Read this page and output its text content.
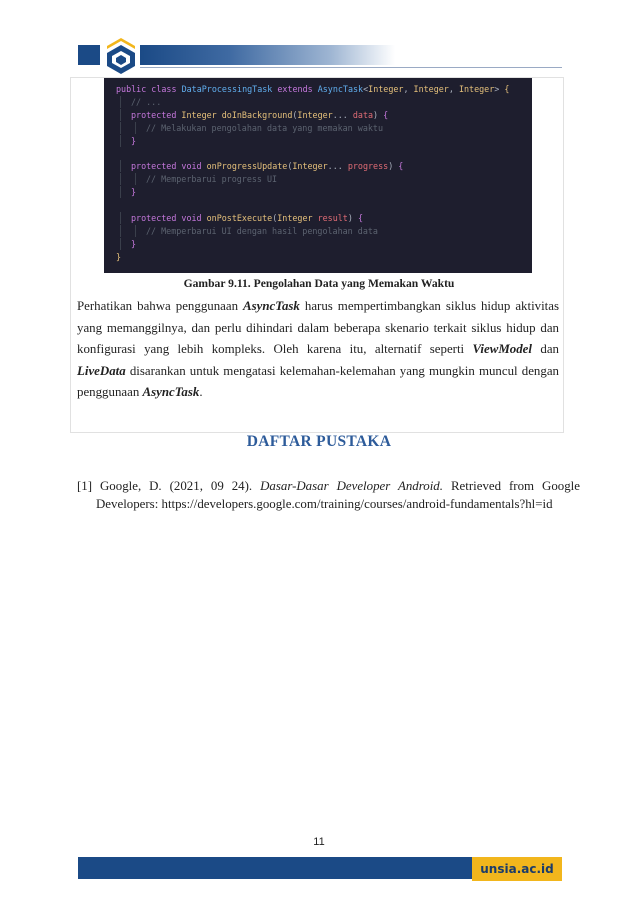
public class DataProcessingTask extends AsyncTask<Integer, Integer, Integer> {
// ...
protected Integer doInBackground(Integer... data) {
// Melakukan pengolahan data yang memakan waktu
}
protected void onProgressUpdate(Integer... progress) {
// Memperbarui progress UI
}
protected void onPostExecute(Integer result) {
// Memperbarui UI dengan hasil pengolahan data
}
}
Gambar 9.11. Pengolahan Data yang Memakan Waktu

Perhatikan bahwa penggunaan AsyncTask harus mempertimbangkan siklus hidup aktivitas yang memanggilnya, dan perlu dihindari dalam beberapa skenario terkait siklus hidup dan konfigurasi yang lebih kompleks. Oleh karena itu, alternatif seperti ViewModel dan LiveData disarankan untuk mengatasi kelemahan-kelemahan yang mungkin muncul dengan penggunaan AsyncTask.

DAFTAR PUSTAKA

[1] Google, D. (2021, 09 24). Dasar-Dasar Developer Android. Retrieved from Google Developers: https://developers.google.com/training/courses/android-fundamentals?hl=id

11
unsia.ac.id
